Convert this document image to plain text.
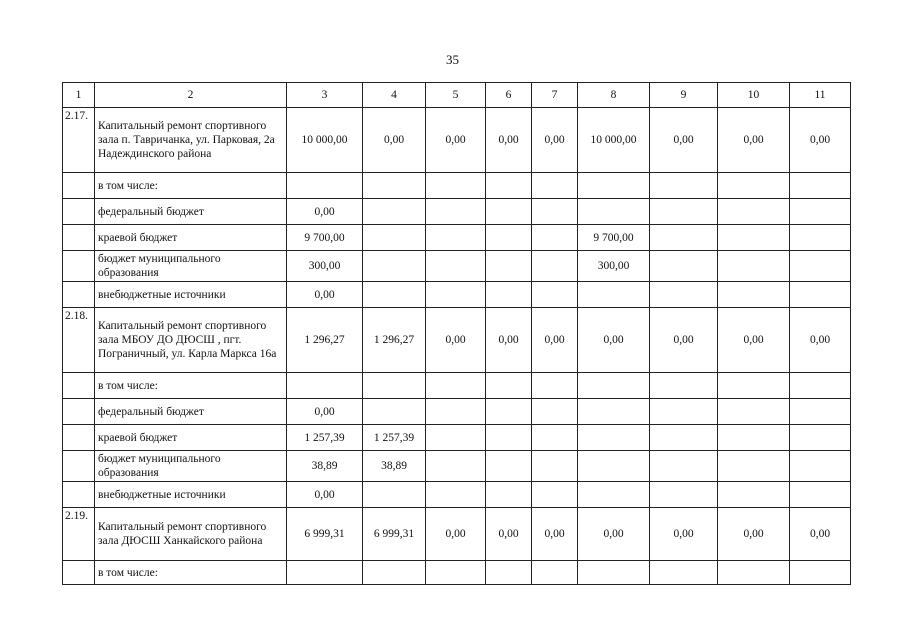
35
1	2	3	4	5	6	7	8	9	10	11
2.17.	Капитальный ремонт спортивного зала п. Тавричанка, ул. Парковая, 2а Надеждинского района	10 000,00	0,00	0,00	0,00	0,00	10 000,00	0,00	0,00	0,00
	в том числе:									
	федеральный бюджет	0,00								
	краевой бюджет	9 700,00					9 700,00			
	бюджет муниципального образования	300,00					300,00			
	внебюджетные источники	0,00								
2.18.	Капитальный ремонт спортивного зала МБОУ ДО ДЮСШ , пгт. Пограничный, ул. Карла Маркса 16а	1 296,27	1 296,27	0,00	0,00	0,00	0,00	0,00	0,00	0,00
	в том числе:									
	федеральный бюджет	0,00								
	краевой бюджет	1 257,39	1 257,39							
	бюджет муниципального образования	38,89	38,89							
	внебюджетные источники	0,00								
2.19.	Капитальный ремонт спортивного зала ДЮСШ Ханкайского района	6 999,31	6 999,31	0,00	0,00	0,00	0,00	0,00	0,00	0,00
	в том числе:									
